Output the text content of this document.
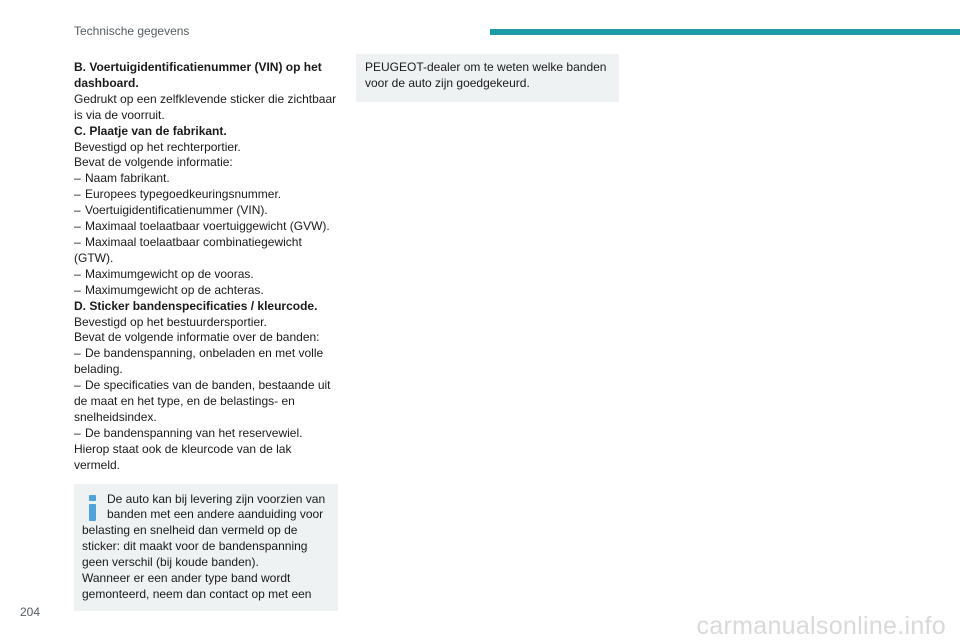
Technische gegevens

B. Voertuigidentificatienummer (VIN) op het dashboard.

Gedrukt op een zelfklevende sticker die zichtbaar is via de voorruit.

C. Plaatje van de fabrikant.

Bevestigd op het rechterportier.

Bevat de volgende informatie:

– Naam fabrikant.

– Europees typegoedkeuringsnummer.

– Voertuigidentificatienummer (VIN).

– Maximaal toelaatbaar voertuiggewicht (GVW).

– Maximaal toelaatbaar combinatiegewicht (GTW).

– Maximumgewicht op de vooras.

– Maximumgewicht op de achteras.

D. Sticker bandenspecificaties / kleurcode.

Bevestigd op het bestuurdersportier.

Bevat de volgende informatie over de banden:

– De bandenspanning, onbeladen en met volle belading.

– De specificaties van de banden, bestaande uit de maat en het type, en de belastings- en snelheidsindex.

– De bandenspanning van het reservewiel.

Hierop staat ook de kleurcode van de lak vermeld.

De auto kan bij levering zijn voorzien van banden met een andere aanduiding voor
belasting en snelheid dan vermeld op de sticker: dit maakt voor de bandenspanning geen verschil (bij koude banden).
Wanneer er een ander type band wordt gemonteerd, neem dan contact op met een

PEUGEOT-dealer om te weten welke banden voor de auto zijn goedgekeurd.

204	carmanualsonline.info
